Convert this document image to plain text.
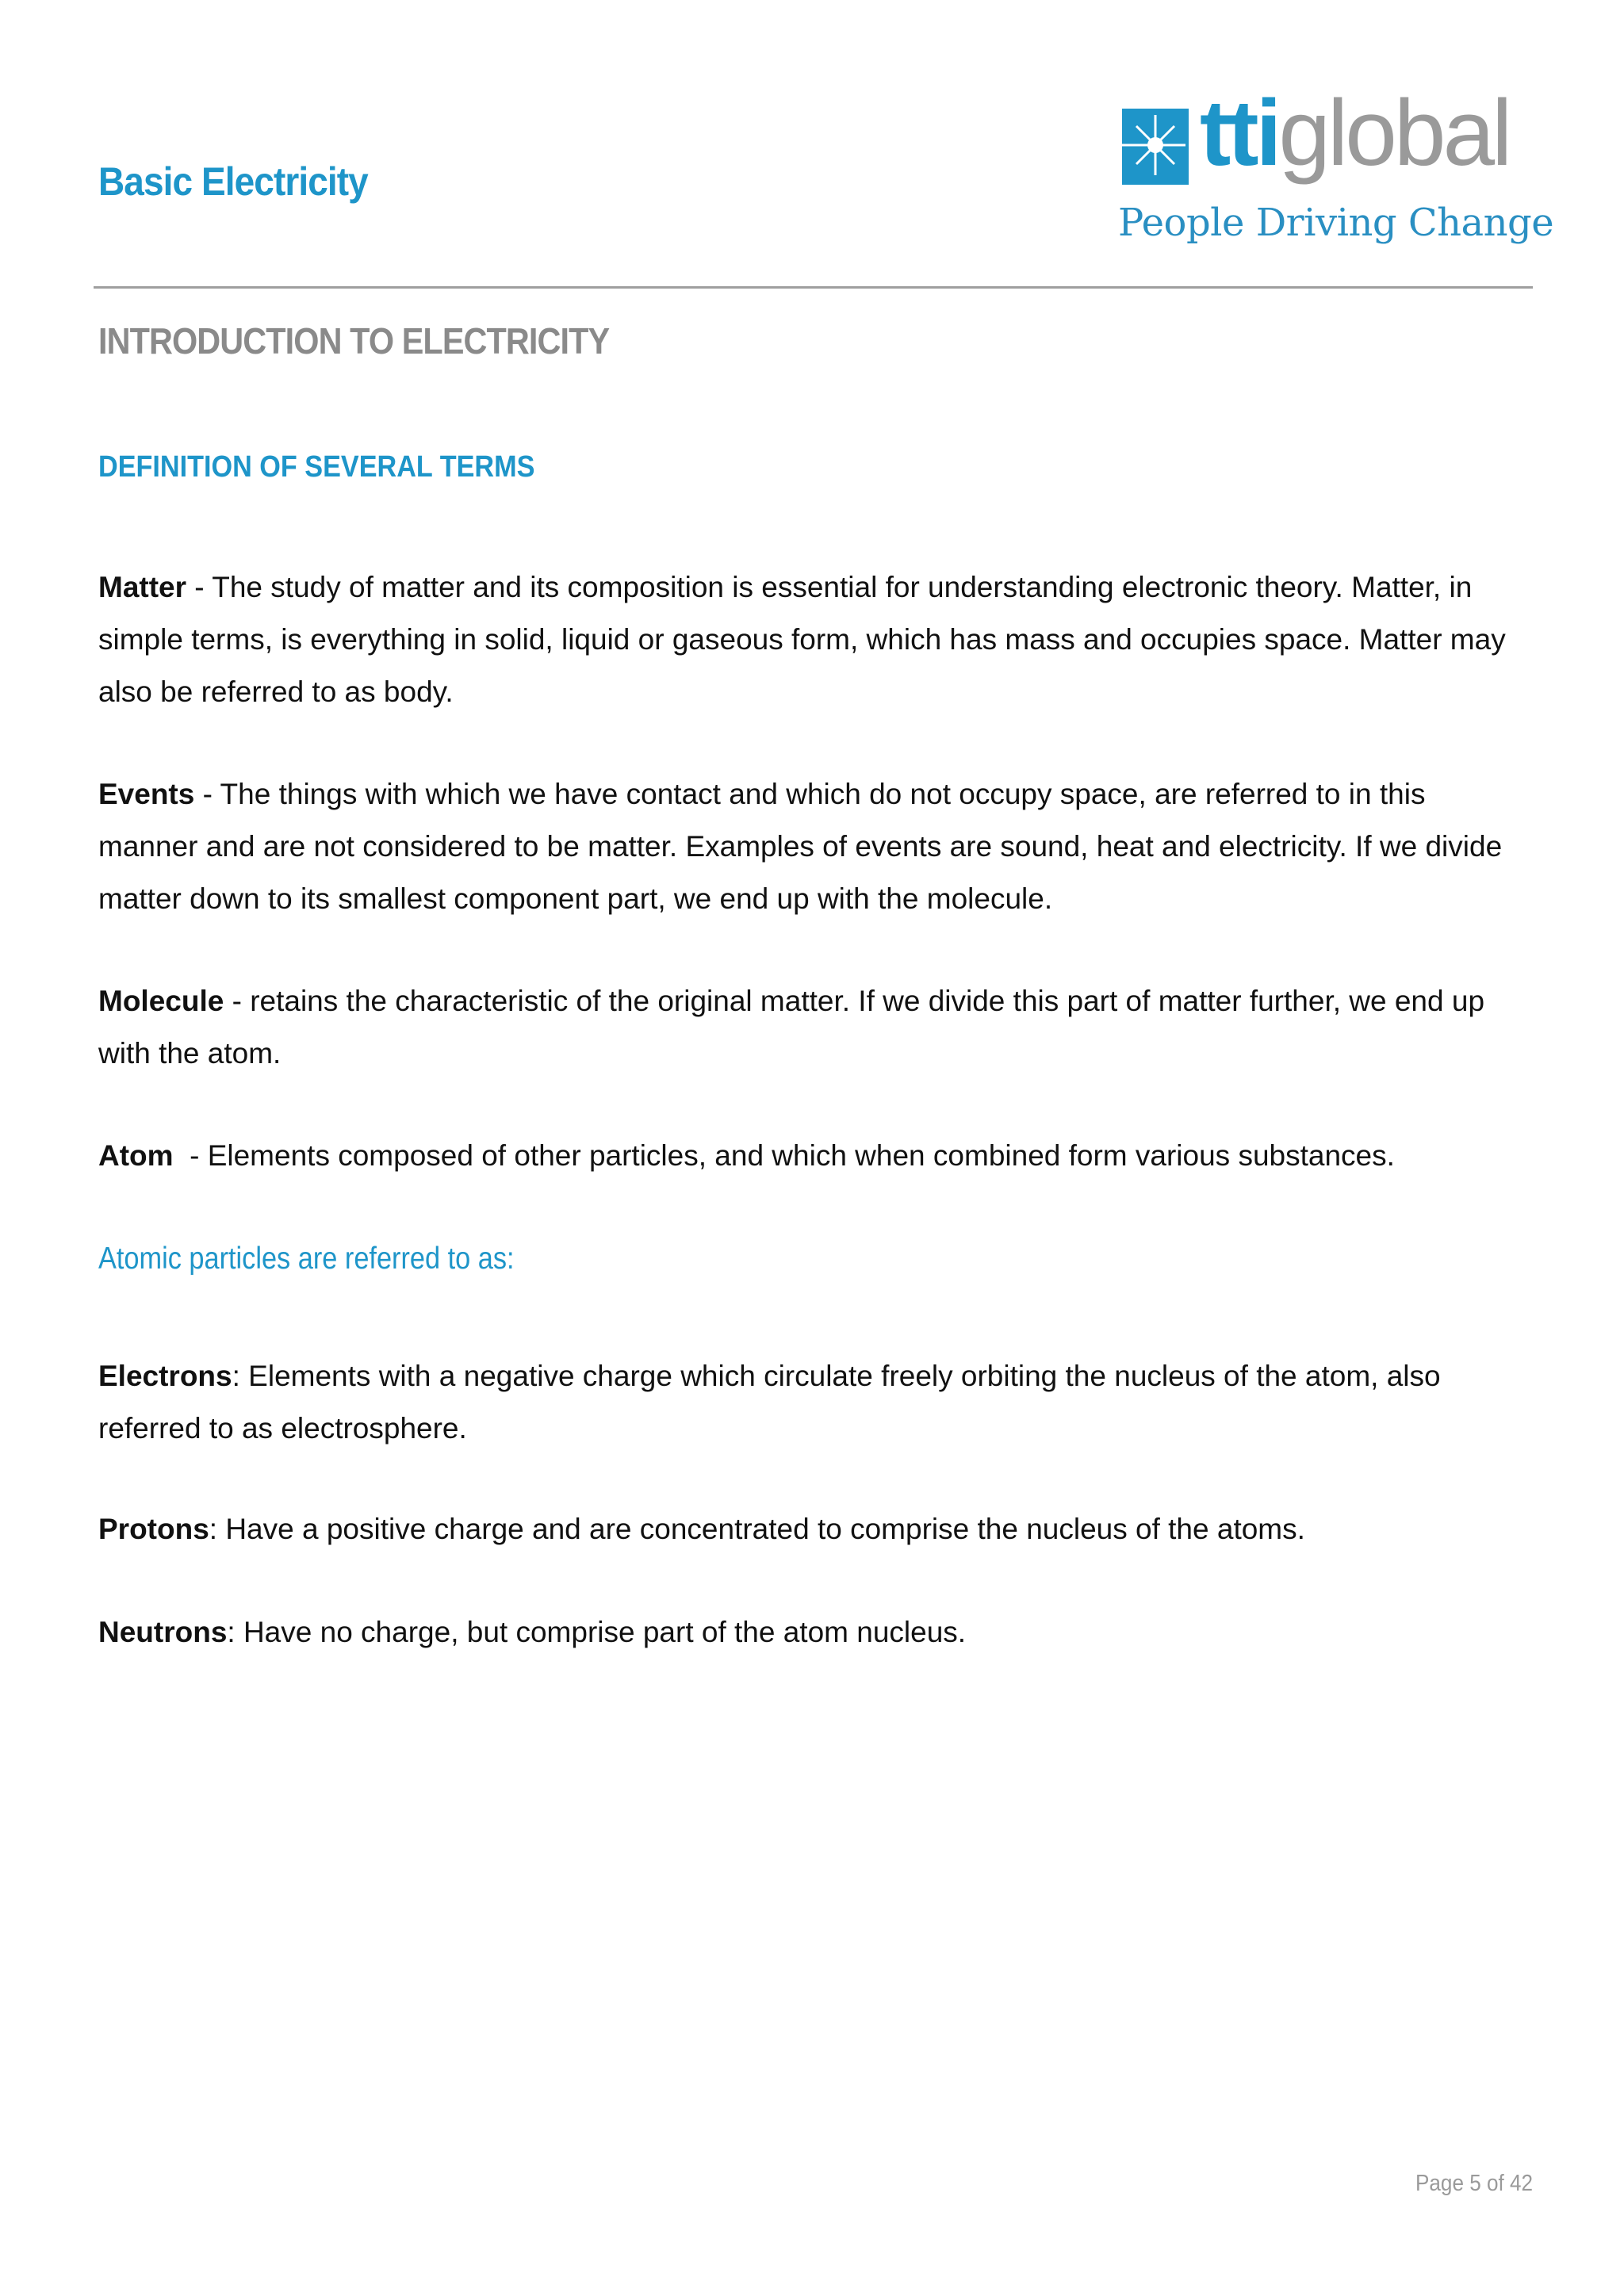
Basic Electricity	ttiglobal
People Driving Change
INTRODUCTION TO ELECTRICITY
DEFINITION OF SEVERAL TERMS

Matter - The study of matter and its composition is essential for understanding electronic theory. Matter, in simple terms, is everything in solid, liquid or gaseous form, which has mass and occupies space. Matter may also be referred to as body.

Events - The things with which we have contact and which do not occupy space, are referred to in this manner and are not considered to be matter. Examples of events are sound, heat and electricity. If we divide matter down to its smallest component part, we end up with the molecule.

Molecule - retains the characteristic of the original matter. If we divide this part of matter further, we end up with the atom.

Atom  - Elements composed of other particles, and which when combined form various substances.

Atomic particles are referred to as:

Electrons: Elements with a negative charge which circulate freely orbiting the nucleus of the atom, also referred to as electrosphere.

Protons: Have a positive charge and are concentrated to comprise the nucleus of the atoms.

Neutrons: Have no charge, but comprise part of the atom nucleus.

Page 5 of 42
